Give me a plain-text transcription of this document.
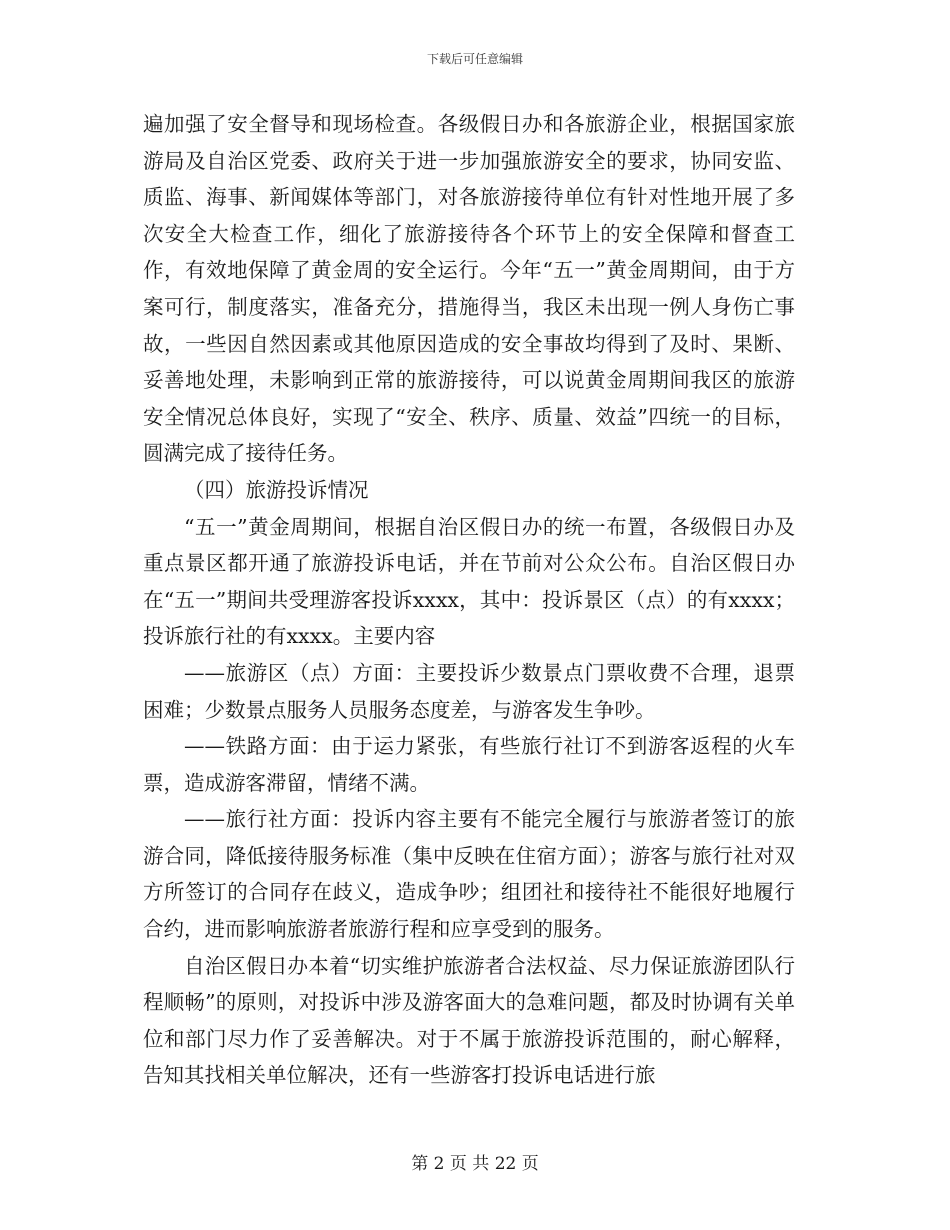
下载后可任意编辑

遍加强了安全督导和现场检查。各级假日办和各旅游企业，根据国家旅游局及自治区党委、政府关于进一步加强旅游安全的要求，协同安监、质监、海事、新闻媒体等部门，对各旅游接待单位有针对性地开展了多次安全大检查工作，细化了旅游接待各个环节上的安全保障和督查工作，有效地保障了黄金周的安全运行。今年“五一”黄金周期间，由于方案可行，制度落实，准备充分，措施得当，我区未出现一例人身伤亡事故，一些因自然因素或其他原因造成的安全事故均得到了及时、果断、妥善地处理，未影响到正常的旅游接待，可以说黄金周期间我区的旅游安全情况总体良好，实现了“安全、秩序、质量、效益”四统一的目标，圆满完成了接待任务。

（四）旅游投诉情况

“五一”黄金周期间，根据自治区假日办的统一布置，各级假日办及重点景区都开通了旅游投诉电话，并在节前对公众公布。自治区假日办在“五一”期间共受理游客投诉xxxx，其中：投诉景区（点）的有xxxx；投诉旅行社的有xxxx。主要内容

——旅游区（点）方面：主要投诉少数景点门票收费不合理，退票困难；少数景点服务人员服务态度差，与游客发生争吵。

——铁路方面：由于运力紧张，有些旅行社订不到游客返程的火车票，造成游客滞留，情绪不满。

——旅行社方面：投诉内容主要有不能完全履行与旅游者签订的旅游合同，降低接待服务标准（集中反映在住宿方面）；游客与旅行社对双方所签订的合同存在歧义，造成争吵；组团社和接待社不能很好地履行合约，进而影响旅游者旅游行程和应享受到的服务。

自治区假日办本着“切实维护旅游者合法权益、尽力保证旅游团队行程顺畅”的原则，对投诉中涉及游客面大的急难问题，都及时协调有关单位和部门尽力作了妥善解决。对于不属于旅游投诉范围的，耐心解释，告知其找相关单位解决，还有一些游客打投诉电话进行旅

第 2 页 共 22 页
